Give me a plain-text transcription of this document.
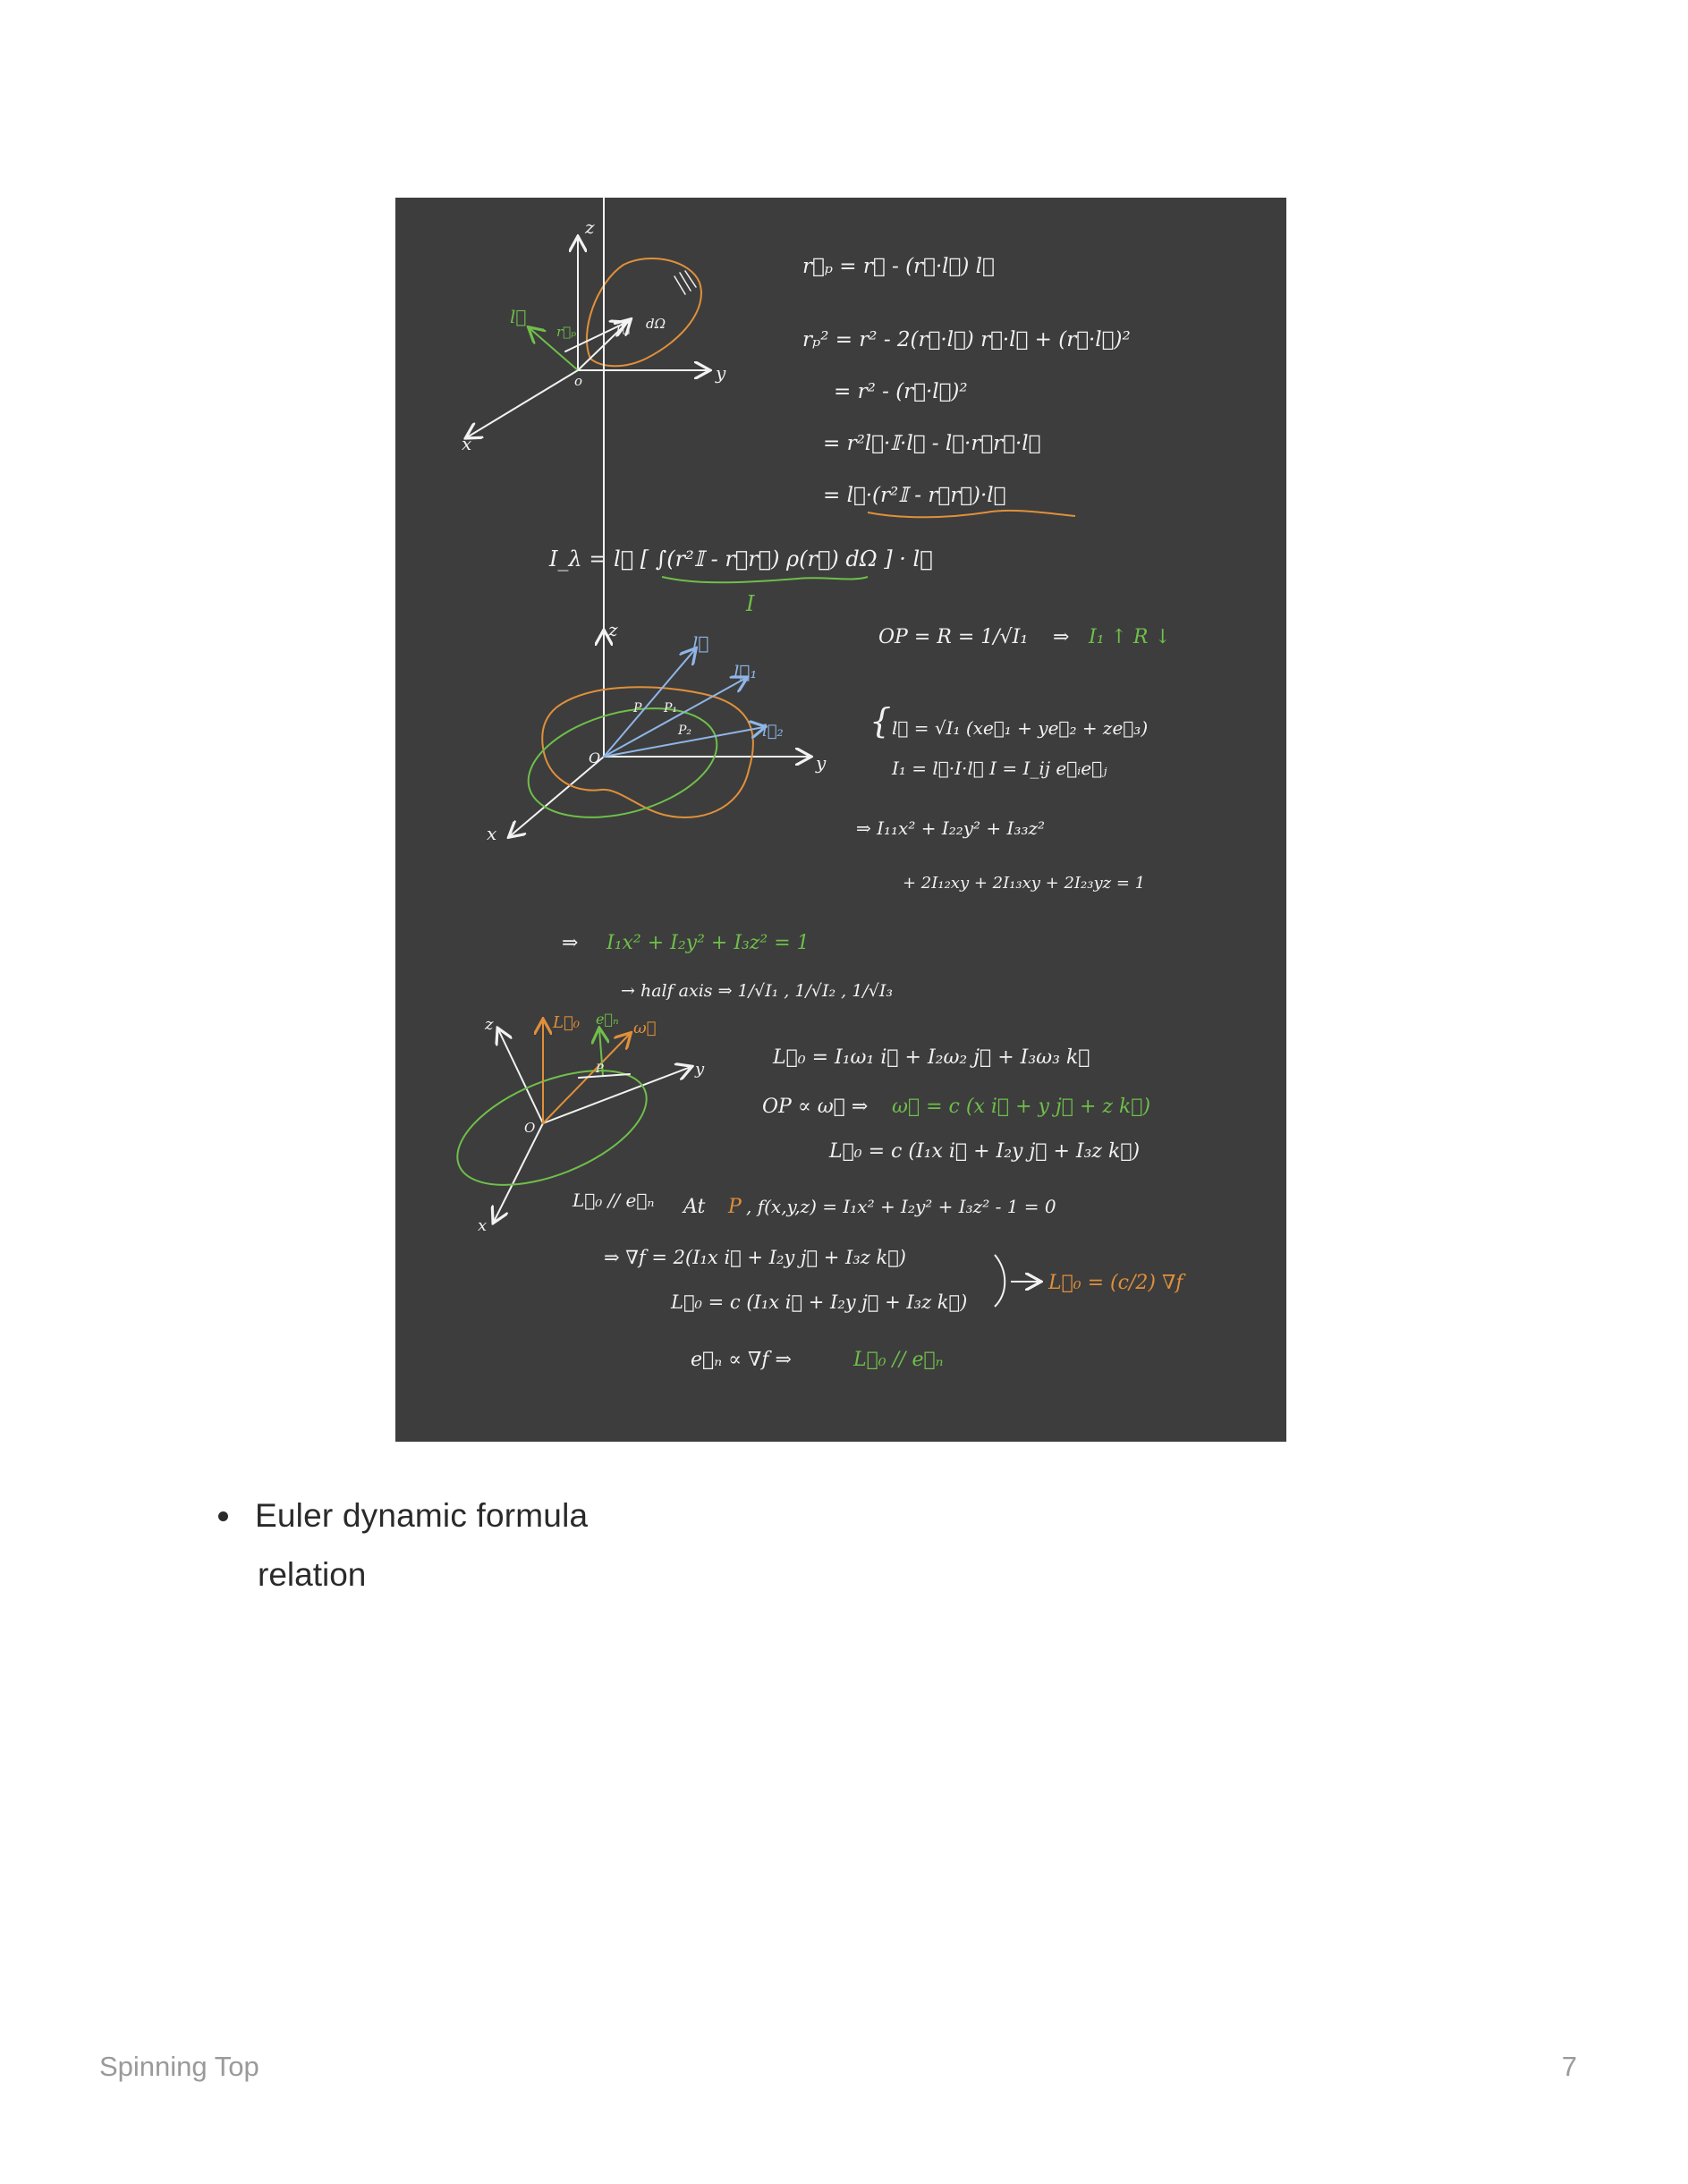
z
y
x
o
l⃗
r⃗ₚ	r⃗ dΩ
r⃗ₚ = r⃗ - (r⃗·l⃗) l⃗
rₚ² = r² - 2(r⃗·l⃗) r⃗·l⃗ + (r⃗·l⃗)²
= r² - (r⃗·l⃗)²
= r²l⃗·𝕀·l⃗ - l⃗·r⃗r⃗·l⃗
= l⃗·(r²𝕀 - r⃗r⃗)·l⃗
I_λ = l⃗ [ ∫(r²𝕀 - r⃗r⃗) ρ(r⃗) dΩ ] · l⃗
I
z
y
x
O
l⃗
l⃗₁
l⃗₂
P P₁
P₂
OP = R = 1/√I₁ ⇒ I₁ ↑ R ↓
{ l⃗ = √I₁ (xe⃗₁ + ye⃗₂ + ze⃗₃)
I₁ = l⃗·I·l⃗ I = I_ij e⃗ᵢe⃗ⱼ
⇒ I₁₁x² + I₂₂y² + I₃₃z²
+ 2I₁₂xy + 2I₁₃xy + 2I₂₃yz = 1
⇒ I₁x² + I₂y² + I₃z² = 1
→ half axis ⇒ 1/√I₁ , 1/√I₂ , 1/√I₃
z
y
x
O
L⃗₀ e⃗ₙ ω⃗
P
L⃗₀ = I₁ω₁ i⃗ + I₂ω₂ j⃗ + I₃ω₃ k⃗
OP ∝ ω⃗ ⇒ ω⃗ = c (x i⃗ + y j⃗ + z k⃗)
L⃗₀ = c (I₁x i⃗ + I₂y j⃗ + I₃z k⃗)
L⃗₀ // e⃗ₙ At P , f(x,y,z) = I₁x² + I₂y² + I₃z² - 1 = 0
⇒ ∇f = 2(I₁x i⃗ + I₂y j⃗ + I₃z k⃗)
L⃗₀ = c (I₁x i⃗ + I₂y j⃗ + I₃z k⃗)
L⃗₀ = (c/2) ∇f
e⃗ₙ ∝ ∇f ⇒	L⃗₀ // e⃗ₙ
Euler dynamic formula
relation
Spinning Top	7
